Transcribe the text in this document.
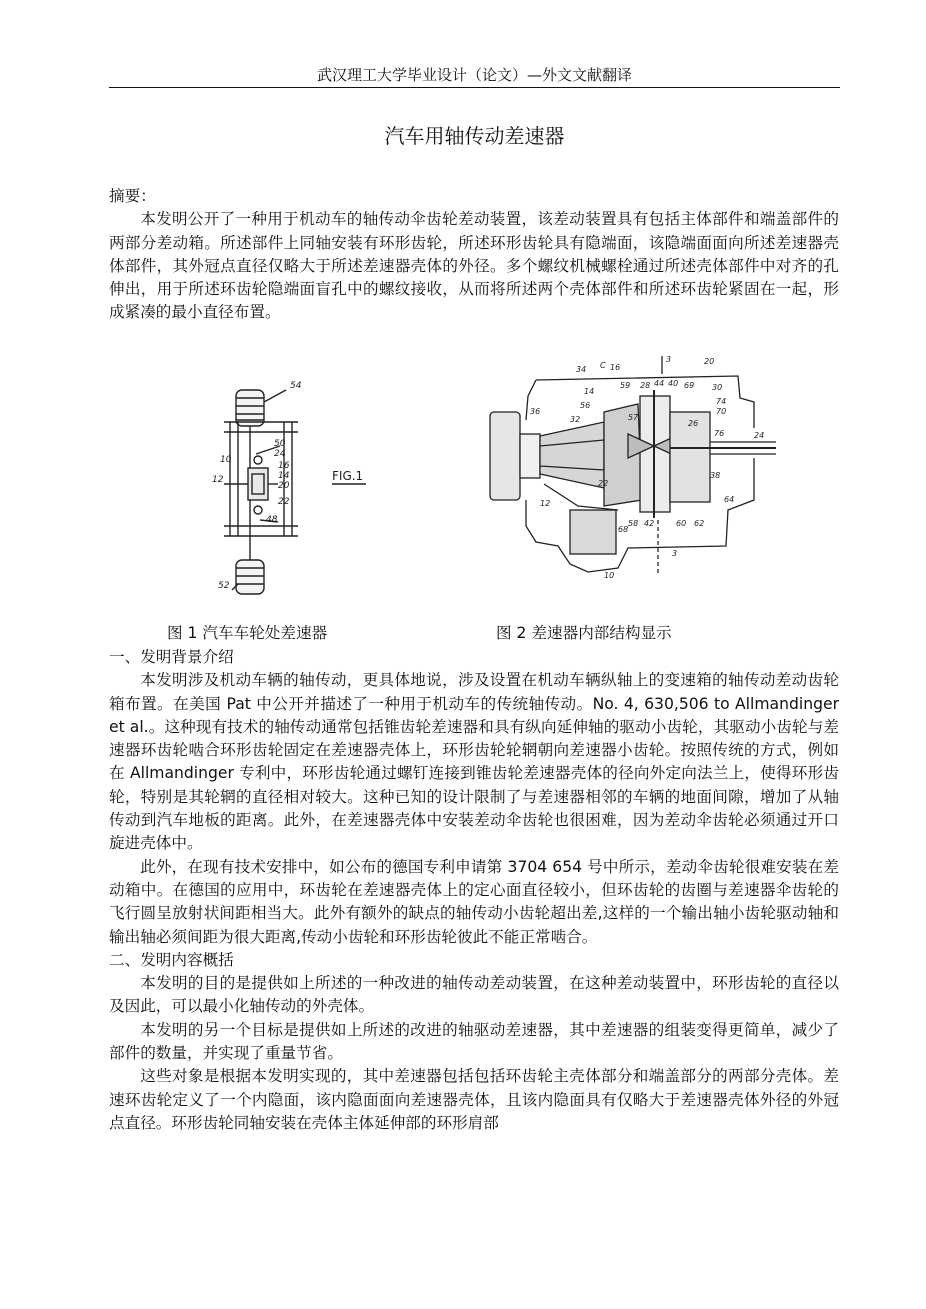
武汉理工大学毕业设计（论文）—外文文献翻译
汽车用轴传动差速器

摘要：

本发明公开了一种用于机动车的轴传动伞齿轮差动装置，该差动装置具有包括主体部件和端盖部件的两部分差动箱。所述部件上同轴安装有环形齿轮，所述环形齿轮具有隐端面，该隐端面面向所述差速器壳体部件，其外冠点直径仅略大于所述差速器壳体的外径。多个螺纹机械螺栓通过所述壳体部件中对齐的孔伸出，用于所述环齿轮隐端面盲孔中的螺纹接收，从而将所述两个壳体部件和所述环齿轮紧固在一起，形成紧凑的最小直径布置。

54
10
50
24
16
14
12
20
22
48
52
FIG.1
3	20
34 C 16
59 28 44 40 69 30
14
56
36
32
74
70
57
26
76	24
38
22
12	64
58 42	60 62
68
3
10
图 1 汽车车轮处差速器	图 2 差速器内部结构显示

一、发明背景介绍

本发明涉及机动车辆的轴传动，更具体地说，涉及设置在机动车辆纵轴上的变速箱的轴传动差动齿轮箱布置。在美国 Pat 中公开并描述了一种用于机动车的传统轴传动。No. 4, 630,506 to Allmandinger et al.。这种现有技术的轴传动通常包括锥齿轮差速器和具有纵向延伸轴的驱动小齿轮，其驱动小齿轮与差速器环齿轮啮合环形齿轮固定在差速器壳体上，环形齿轮轮辋朝向差速器小齿轮。按照传统的方式，例如在 Allmandinger 专利中，环形齿轮通过螺钉连接到锥齿轮差速器壳体的径向外定向法兰上，使得环形齿轮，特别是其轮辋的直径相对较大。这种已知的设计限制了与差速器相邻的车辆的地面间隙，增加了从轴传动到汽车地板的距离。此外，在差速器壳体中安装差动伞齿轮也很困难，因为差动伞齿轮必须通过开口旋进壳体中。

此外，在现有技术安排中，如公布的德国专利申请第 3704 654 号中所示，差动伞齿轮很难安装在差动箱中。在德国的应用中，环齿轮在差速器壳体上的定心面直径较小，但环齿轮的齿圈与差速器伞齿轮的飞行圆呈放射状间距相当大。此外有额外的缺点的轴传动小齿轮超出差,这样的一个输出轴小齿轮驱动轴和输出轴必须间距为很大距离,传动小齿轮和环形齿轮彼此不能正常啮合。

二、发明内容概括

本发明的目的是提供如上所述的一种改进的轴传动差动装置，在这种差动装置中，环形齿轮的直径以及因此，可以最小化轴传动的外壳体。

本发明的另一个目标是提供如上所述的改进的轴驱动差速器，其中差速器的组装变得更简单，减少了部件的数量，并实现了重量节省。

这些对象是根据本发明实现的，其中差速器包括包括环齿轮主壳体部分和端盖部分的两部分壳体。差速环齿轮定义了一个内隐面，该内隐面面向差速器壳体，且该内隐面具有仅略大于差速器壳体外径的外冠点直径。环形齿轮同轴安装在壳体主体延伸部的环形肩部
